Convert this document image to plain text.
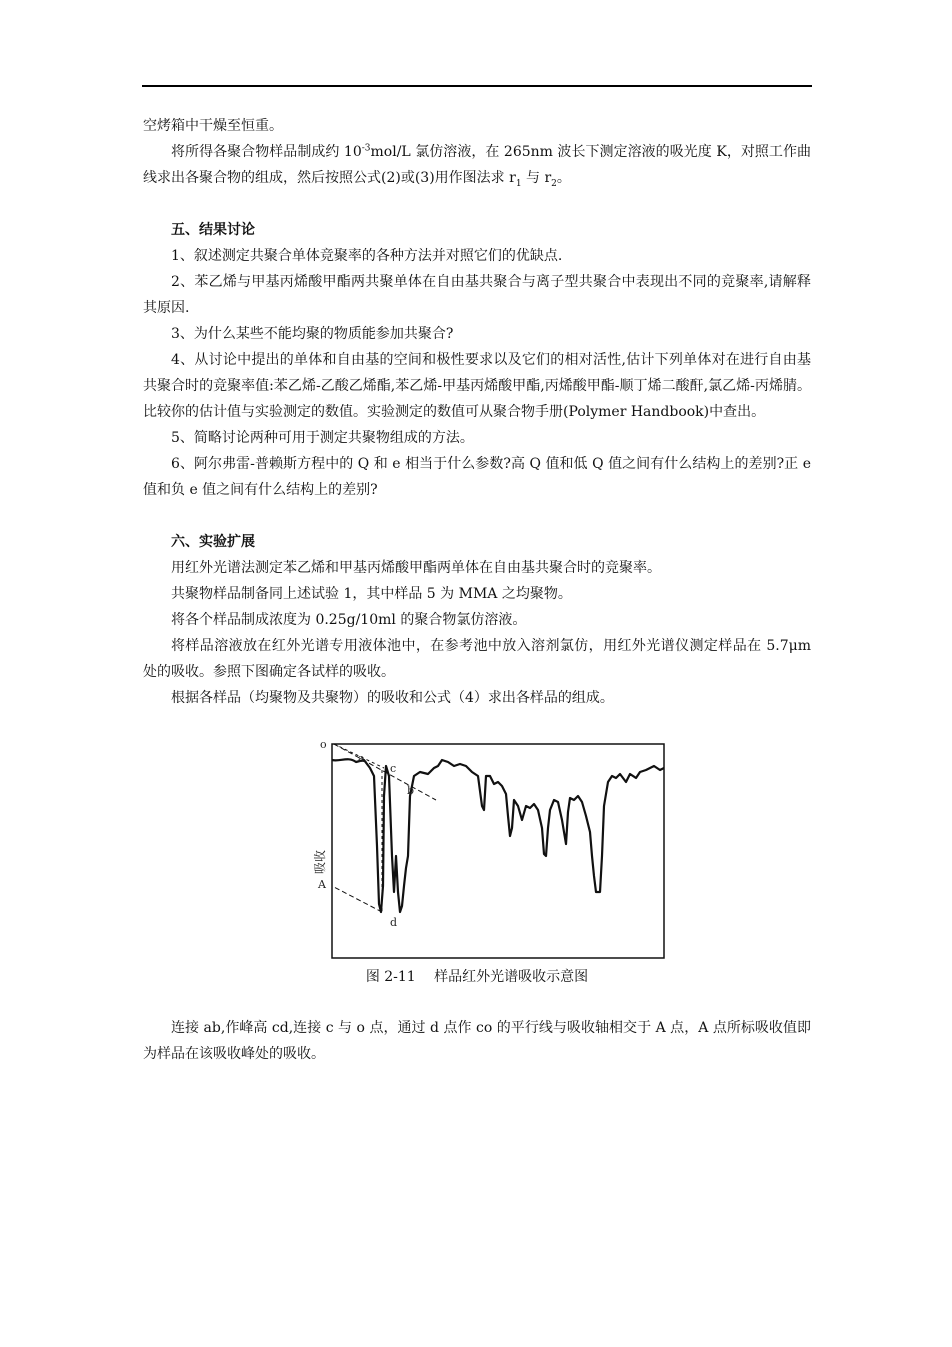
空烤箱中干燥至恒重。

将所得各聚合物样品制成约 $10^{-3}mol/L$ 氯仿溶液，在 265nm 波长下测定溶液的吸光度 K，对照工作曲线求出各聚合物的组成，然后按照公式(2)或(3)用作图法求 $r_1$ 与 $r_2$。

五、结果讨论

1、叙述测定共聚合单体竞聚率的各种方法并对照它们的优缺点.

2、苯乙烯与甲基丙烯酸甲酯两共聚单体在自由基共聚合与离子型共聚合中表现出不同的竞聚率,请解释其原因.

3、为什么某些不能均聚的物质能参加共聚合?

4、从讨论中提出的单体和自由基的空间和极性要求以及它们的相对活性,估计下列单体对在进行自由基共聚合时的竞聚率值:苯乙烯-乙酸乙烯酯,苯乙烯-甲基丙烯酸甲酯,丙烯酸甲酯-顺丁烯二酸酐,氯乙烯-丙烯腈。比较你的估计值与实验测定的数值。实验测定的数值可从聚合物手册(Polymer Handbook)中查出。

5、简略讨论两种可用于测定共聚物组成的方法。

6、阿尔弗雷-普赖斯方程中的 Q 和 e 相当于什么参数?高 Q 值和低 Q 值之间有什么结构上的差别?正 e 值和负 e 值之间有什么结构上的差别?

六、实验扩展

用红外光谱法测定苯乙烯和甲基丙烯酸甲酯两单体在自由基共聚合时的竞聚率。

共聚物样品制备同上述试验 1，其中样品 5 为 MMA 之均聚物。

将各个样品制成浓度为 0.25g/10ml 的聚合物氯仿溶液。

将样品溶液放在红外光谱专用液体池中，在参考池中放入溶剂氯仿，用红外光谱仪测定样品在 5.7μm 处的吸收。参照下图确定各试样的吸收。

根据各样品（均聚物及共聚物）的吸收和公式（4）求出各样品的组成。

o
a
c
b
d
A
吸收
图 2-11　 样品红外光谱吸收示意图

连接 ab,作峰高 cd,连接 c 与 o 点，通过 d 点作 co 的平行线与吸收轴相交于 A 点，A 点所标吸收值即为样品在该吸收峰处的吸收。
